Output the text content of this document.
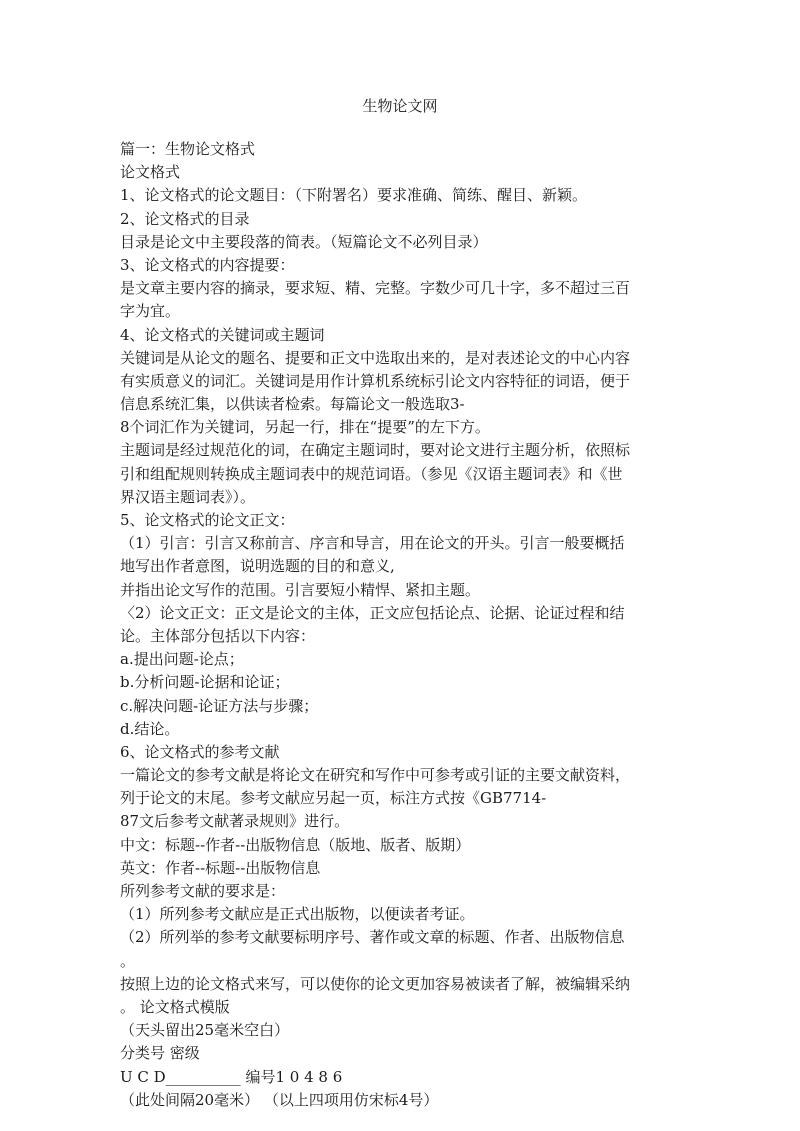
生物论文网
篇一：生物论文格式
论文格式
1、论文格式的论文题目：（下附署名）要求准确、简练、醒目、新颖。
2、论文格式的目录
目录是论文中主要段落的简表。（短篇论文不必列目录）
3、论文格式的内容提要：
是文章主要内容的摘录，要求短、精、完整。字数少可几十字，多不超过三百
字为宜。
4、论文格式的关键词或主题词
关键词是从论文的题名、提要和正文中选取出来的，是对表述论文的中心内容
有实质意义的词汇。关键词是用作计算机系统标引论文内容特征的词语，便于
信息系统汇集，以供读者检索。每篇论文一般选取3-
8个词汇作为关键词，另起一行，排在“提要”的左下方。
主题词是经过规范化的词，在确定主题词时，要对论文进行主题分析，依照标
引和组配规则转换成主题词表中的规范词语。（参见《汉语主题词表》和《世
界汉语主题词表》）。
5、论文格式的论文正文：
（1）引言：引言又称前言、序言和导言，用在论文的开头。引言一般要概括
地写出作者意图，说明选题的目的和意义,
并指出论文写作的范围。引言要短小精悍、紧扣主题。
〈2）论文正文：正文是论文的主体，正文应包括论点、论据、论证过程和结
论。主体部分包括以下内容：
a.提出问题-论点；
b.分析问题-论据和论证；
c.解决问题-论证方法与步骤；
d.结论。
6、论文格式的参考文献
一篇论文的参考文献是将论文在研究和写作中可参考或引证的主要文献资料，
列于论文的末尾。参考文献应另起一页，标注方式按《GB7714-
87文后参考文献著录规则》进行。
中文：标题--作者--出版物信息（版地、版者、版期）
英文：作者--标题--出版物信息
所列参考文献的要求是：
（1）所列参考文献应是正式出版物，以便读者考证。
（2）所列举的参考文献要标明序号、著作或文章的标题、作者、出版物信息
。
按照上边的论文格式来写，可以使你的论文更加容易被读者了解，被编辑采纳
。 论文格式模版
（天头留出25毫米空白）
分类号 密级
U C D__________ 编号1 0 4 8 6
（此处间隔20毫米） （以上四项用仿宋标4号）
